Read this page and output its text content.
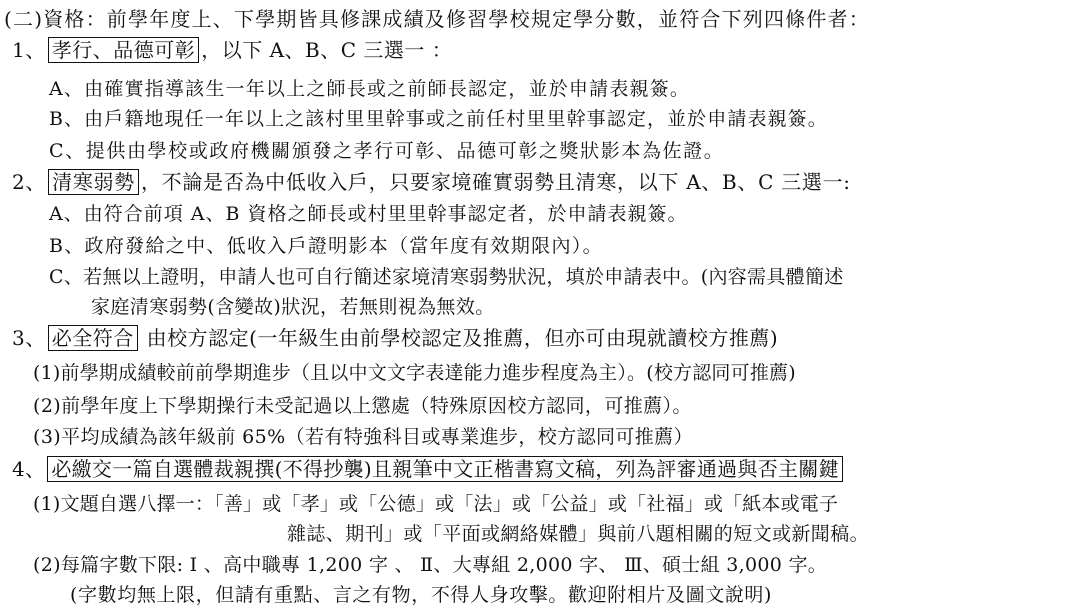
(二)資格：前學年度上、下學期皆具修課成績及修習學校規定學分數，並符合下列四條件者：
1、 孝行、品德可彰 ，以下 A、B、C 三選一 ：
A、由確實指導該生一年以上之師長或之前師長認定，並於申請表親簽。
B、由戶籍地現任一年以上之該村里里幹事或之前任村里里幹事認定，並於申請表親簽。
C、提供由學校或政府機關頒發之孝行可彰、品德可彰之獎狀影本為佐證。
2、 清寒弱勢 ，不論是否為中低收入戶，只要家境確實弱勢且清寒，以下 A、B、C 三選一:
A、由符合前項 A、B 資格之師長或村里里幹事認定者，於申請表親簽。
B、政府發給之中、低收入戶證明影本（當年度有效期限內）。
C、若無以上證明，申請人也可自行簡述家境清寒弱勢狀況，填於申請表中。(內容需具體簡述
家庭清寒弱勢(含變故)狀況，若無則視為無效。
3、 必全符合 由校方認定(一年級生由前學校認定及推薦，但亦可由現就讀校方推薦)
(1)前學期成績較前前學期進步（且以中文文字表達能力進步程度為主）。(校方認同可推薦)
(2)前學年度上下學期操行未受記過以上懲處（特殊原因校方認同，可推薦）。
(3)平均成績為該年級前 65%（若有特強科目或專業進步，校方認同可推薦）
4、 必繳交一篇自選體裁親撰(不得抄襲)且親筆中文正楷書寫文稿，列為評審通過與否主關鍵
(1)文題自選八擇一：「善」或「孝」或「公德」或「法」或「公益」或「社福」或「紙本或電子
雜誌、期刊」或「平面或網絡媒體」與前八題相關的短文或新聞稿。
(2)每篇字數下限: I 、高中職專 1,200 字 、 Ⅱ、大專組 2,000 字、 Ⅲ、碩士組 3,000 字。
(字數均無上限，但請有重點、言之有物，不得人身攻擊。歡迎附相片及圖文說明)
